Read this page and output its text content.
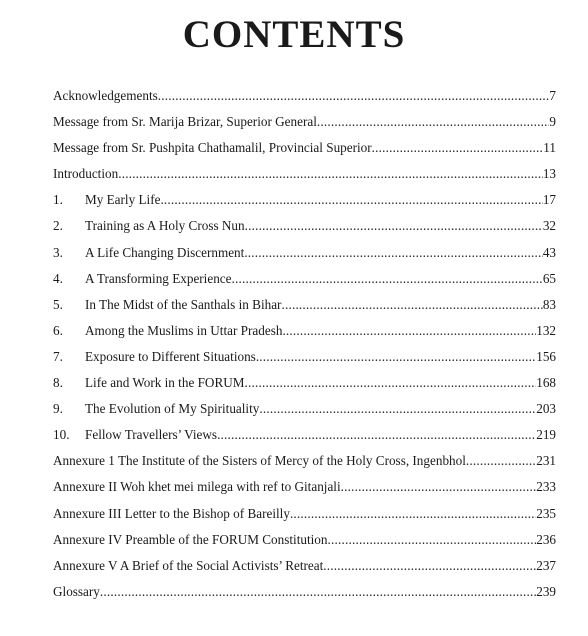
CONTENTS
Acknowledgements .....	7
Message from Sr. Marija Brizar, Superior General .....	9
Message from Sr. Pushpita Chathamalil, Provincial Superior .....	11
Introduction .....	13
1.	My Early Life .....	17
2.	Training as A Holy Cross Nun .....	32
3.	A Life Changing Discernment .....	43
4.	A Transforming Experience .....	65
5.	In The Midst of the Santhals in Bihar .....	83
6.	Among the Muslims in Uttar Pradesh .....	132
7.	Exposure to Different Situations .....	156
8.	Life and Work in the FORUM .....	168
9.	The Evolution of My Spirituality .....	203
10.	Fellow Travellers’ Views .....	219
Annexure 1 The Institute of the Sisters of Mercy of the Holy Cross, Ingenbhol .....	231
Annexure II Woh khet mei milega with ref to Gitanjali .....	233
Annexure III Letter to the Bishop of Bareilly .....	235
Annexure IV Preamble of the FORUM Constitution .....	236
Annexure V A Brief of the Social Activists’ Retreat .....	237
Glossary .....	239
